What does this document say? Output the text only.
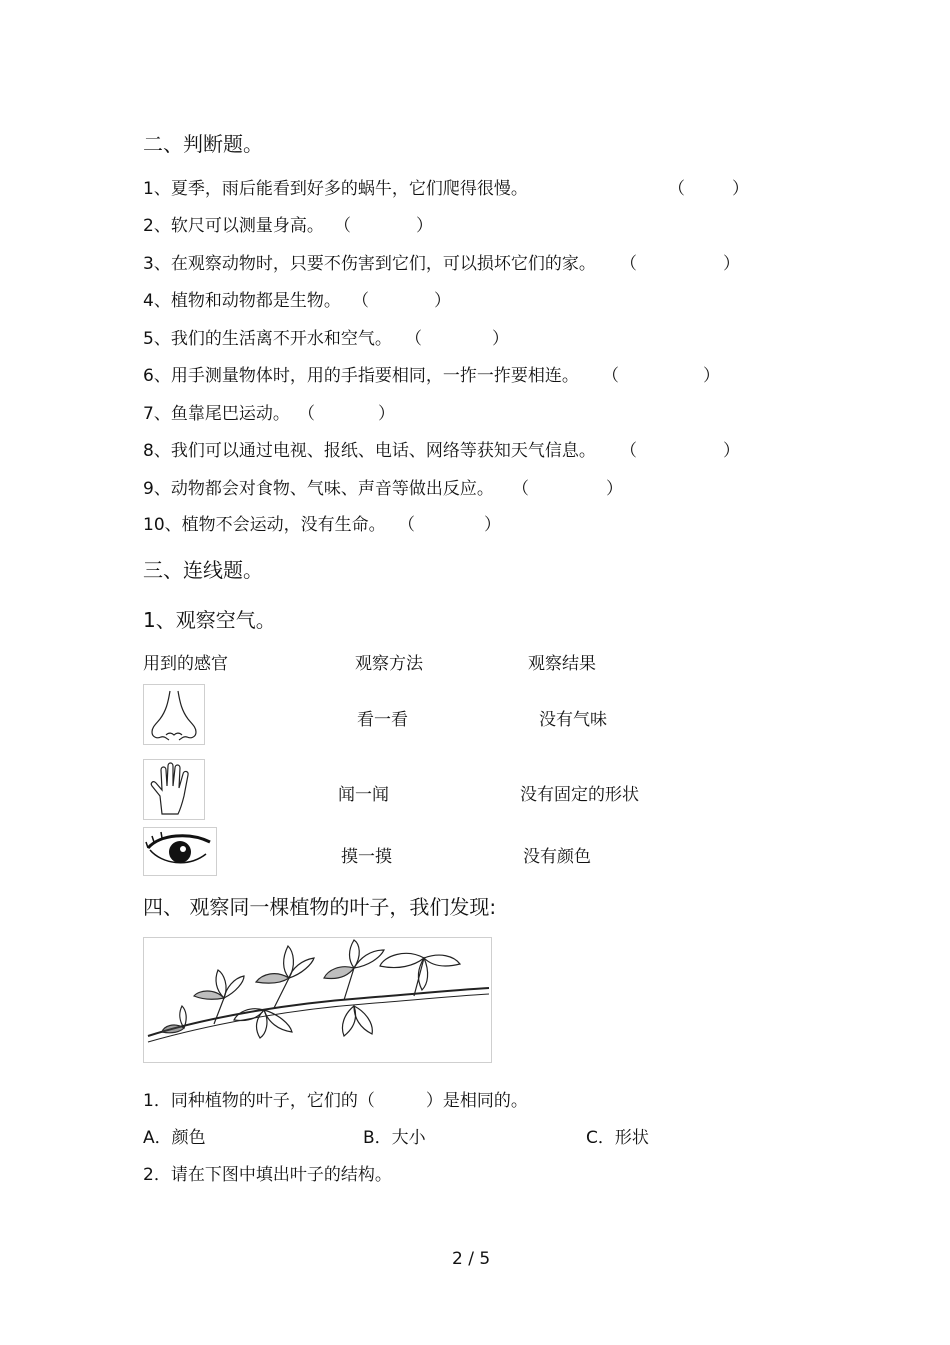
二、判断题。
1、夏季，雨后能看到好多的蜗牛，它们爬得很慢。	（	）
2、软尺可以测量身高。 （	）
3、在观察动物时，只要不伤害到它们，可以损坏它们的家。 （	）
4、植物和动物都是生物。 （	）
5、我们的生活离不开水和空气。 （	）
6、用手测量物体时，用的手指要相同，一拃一拃要相连。 （	）
7、鱼靠尾巴运动。 （	）
8、我们可以通过电视、报纸、电话、网络等获知天气信息。 （	）
9、动物都会对食物、气味、声音等做出反应。 （	）
10、植物不会运动，没有生命。 （	）
三、连线题。
1、观察空气。
用到的感官	观察方法	观察结果
看一看	没有气味
闻一闻	没有固定的形状
摸一摸	没有颜色
四、 观察同一棵植物的叶子，我们发现:
1．同种植物的叶子，它们的（　　　）是相同的。
A．颜色	B．大小	C．形状
2．请在下图中填出叶子的结构。
2 / 5
